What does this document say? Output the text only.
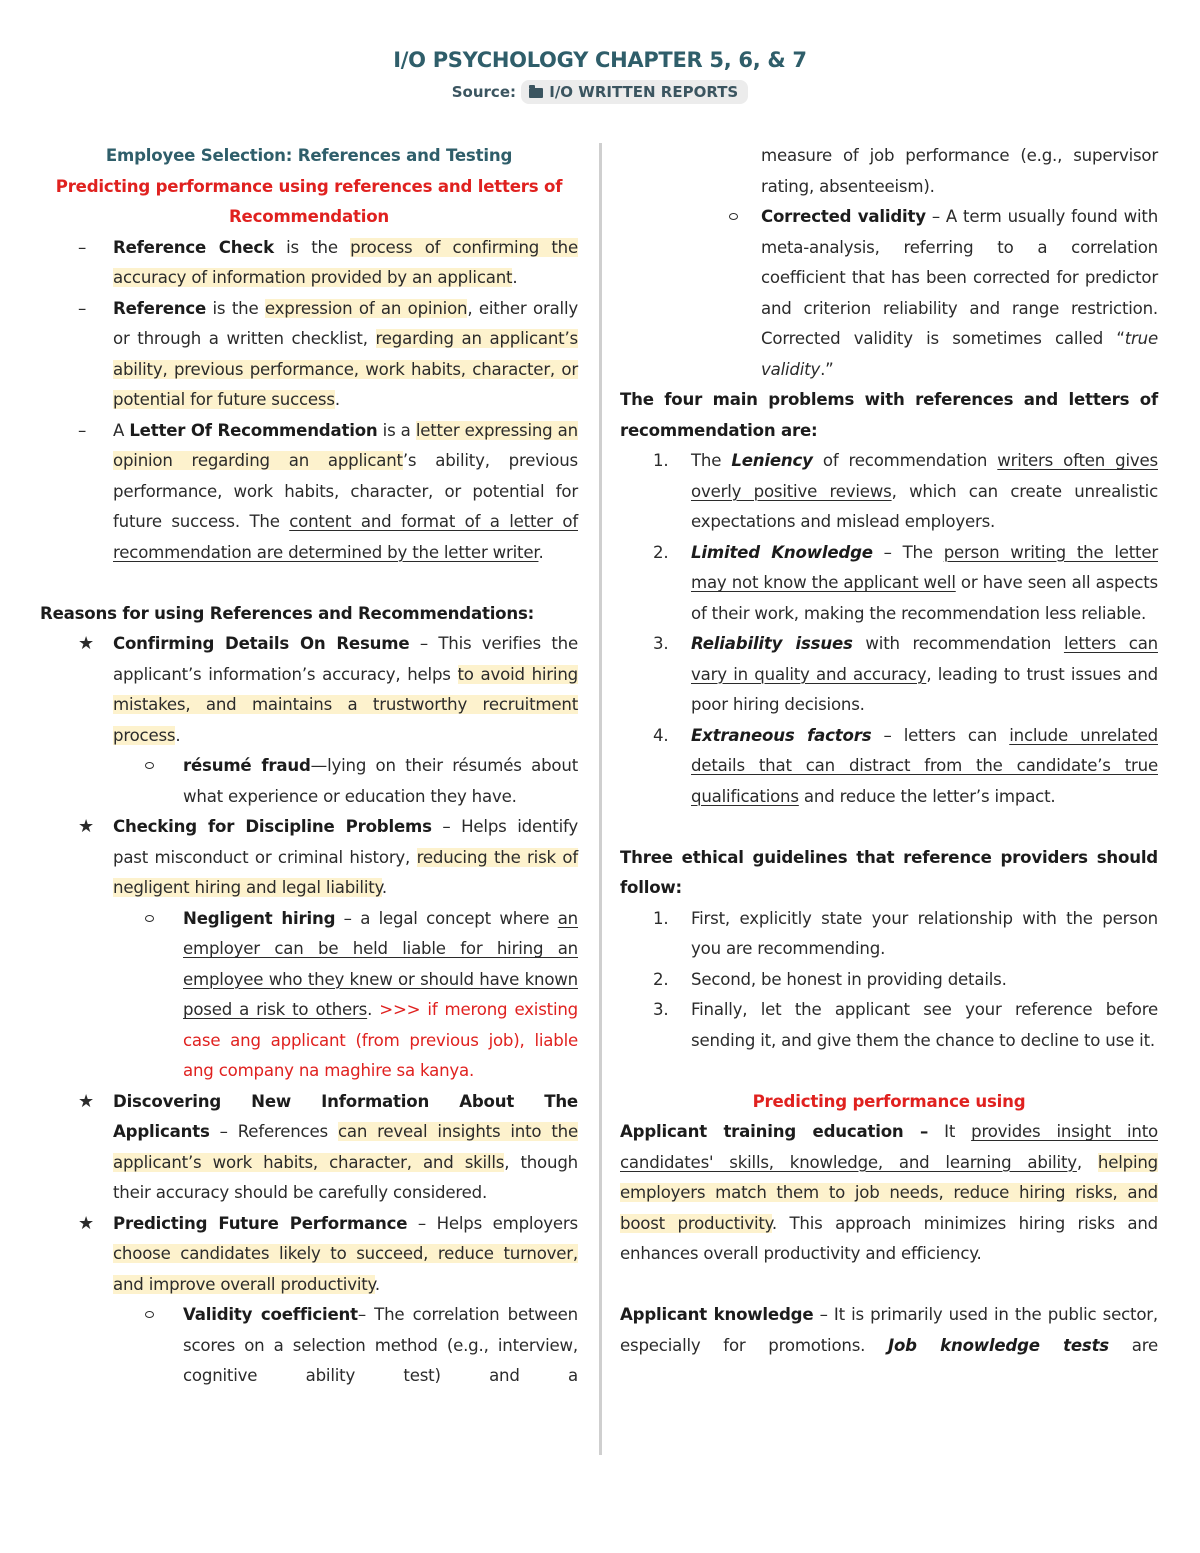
I/O PSYCHOLOGY CHAPTER 5, 6, & 7
Source: I/O WRITTEN REPORTS

Employee Selection: References and Testing

Predicting performance using references and letters of Recommendation

– Reference Check is the process of confirming the accuracy of information provided by an applicant.
– Reference is the expression of an opinion, either orally or through a written checklist, regarding an applicant’s ability, previous performance, work habits, character, or potential for future success.
– A Letter Of Recommendation is a letter expressing an opinion regarding an applicant’s ability, previous performance, work habits, character, or potential for future success. The content and format of a letter of recommendation are determined by the letter writer.

Reasons for using References and Recommendations:

★ Confirming Details On Resume – This verifies the applicant’s information’s accuracy, helps to avoid hiring mistakes, and maintains a trustworthy recruitment process.
résumé fraud—lying on their résumés about what experience or education they have.
★ Checking for Discipline Problems – Helps identify past misconduct or criminal history, reducing the risk of negligent hiring and legal liability.
Negligent hiring – a legal concept where an employer can be held liable for hiring an employee who they knew or should have known posed a risk to others. >>> if merong existing case ang applicant (from previous job), liable ang company na maghire sa kanya.
★ Discovering New Information About The Applicants – References can reveal insights into the applicant’s work habits, character, and skills, though their accuracy should be carefully considered.
★ Predicting Future Performance – Helps employers choose candidates likely to succeed, reduce turnover, and improve overall productivity.
Validity coefficient– The correlation between scores on a selection method (e.g., interview, cognitive ability test) and a

measure of job performance (e.g., supervisor rating, absenteeism).

Corrected validity – A term usually found with meta-analysis, referring to a correlation coefficient that has been corrected for predictor and criterion reliability and range restriction. Corrected validity is sometimes called “true validity.”

The four main problems with references and letters of recommendation are:

1. The Leniency of recommendation writers often gives overly positive reviews, which can create unrealistic expectations and mislead employers.
2. Limited Knowledge – The person writing the letter may not know the applicant well or have seen all aspects of their work, making the recommendation less reliable.
3. Reliability issues with recommendation letters can vary in quality and accuracy, leading to trust issues and poor hiring decisions.
4. Extraneous factors – letters can include unrelated details that can distract from the candidate’s true qualifications and reduce the letter’s impact.

Three ethical guidelines that reference providers should follow:

1. First, explicitly state your relationship with the person you are recommending.
2. Second, be honest in providing details.
3. Finally, let the applicant see your reference before sending it, and give them the chance to decline to use it.

Predicting performance using

Applicant training education – It provides insight into candidates' skills, knowledge, and learning ability, helping employers match them to job needs, reduce hiring risks, and boost productivity. This approach minimizes hiring risks and enhances overall productivity and efficiency.

Applicant knowledge – It is primarily used in the public sector, especially for promotions. Job knowledge tests are
